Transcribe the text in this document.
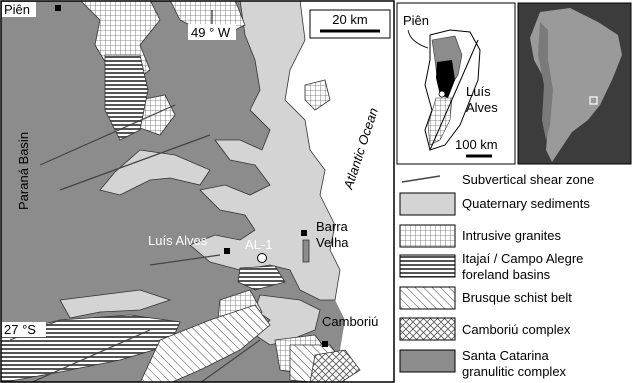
20 km
49 ° W
Piên
Paraná Basin	Atlantic Ocean
Barra
Velha
Luís Alves	AL-1
Camboriú
27 °S
Piên
Luís
Alves
100 km
Subvertical shear zone
Quaternary sediments
Intrusive granites
Itajaí / Campo Alegre
foreland basins
Brusque schist belt
Camboriú complex
Santa Catarina
granulitic complex
